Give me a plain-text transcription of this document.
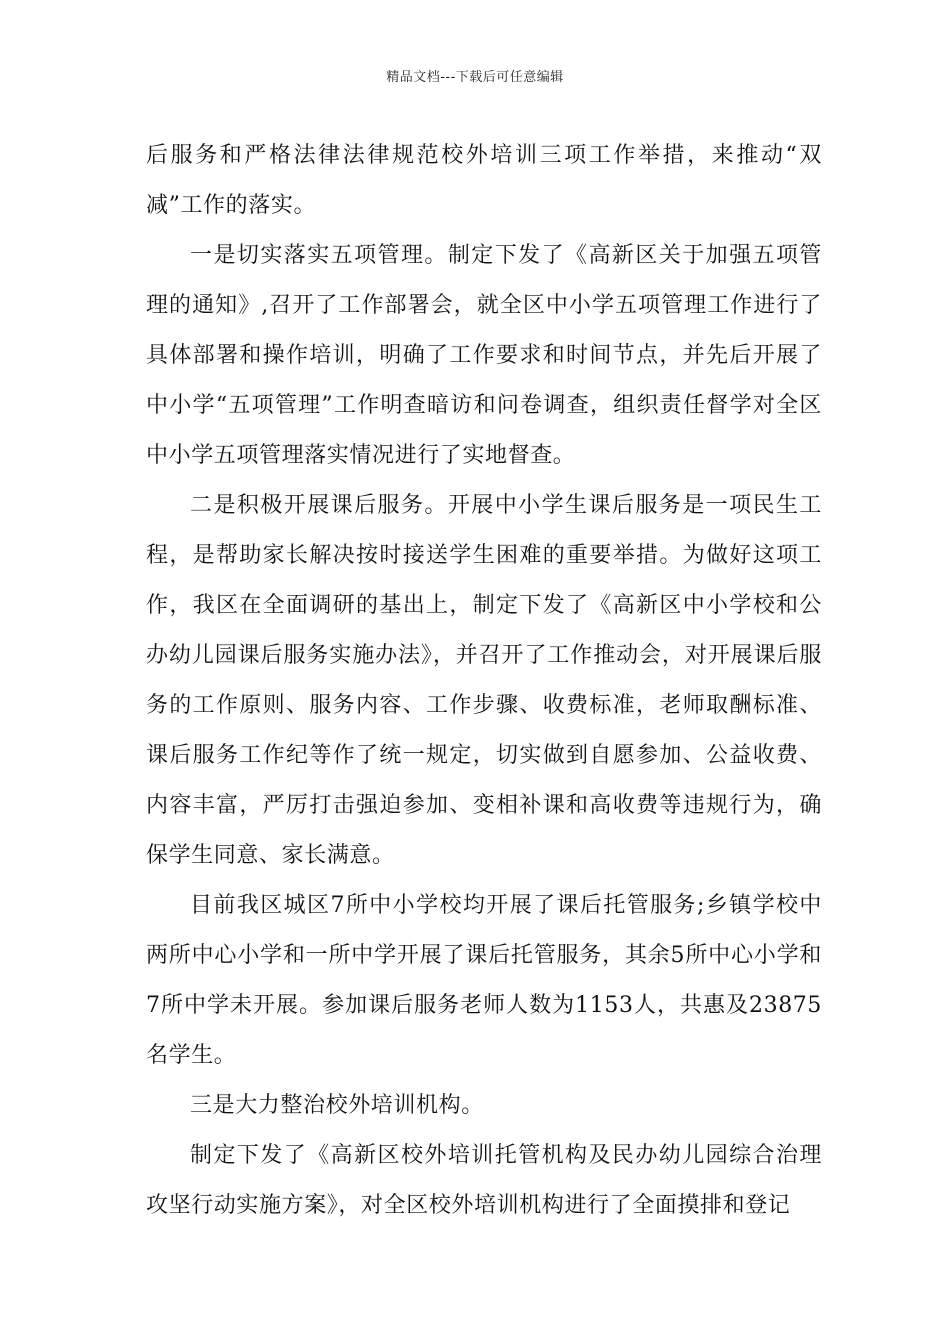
精品文档---下载后可任意编辑

后服务和严格法律法律规范校外培训三项工作举措，来推动“双减”工作的落实。

一是切实落实五项管理。制定下发了《高新区关于加强五项管理的通知》,召开了工作部署会，就全区中小学五项管理工作进行了具体部署和操作培训，明确了工作要求和时间节点，并先后开展了中小学“五项管理”工作明查暗访和问卷调查，组织责任督学对全区中小学五项管理落实情况进行了实地督查。

二是积极开展课后服务。开展中小学生课后服务是一项民生工程，是帮助家长解决按时接送学生困难的重要举措。为做好这项工作，我区在全面调研的基出上，制定下发了《高新区中小学校和公办幼儿园课后服务实施办法》，并召开了工作推动会，对开展课后服务的工作原则、服务内容、工作步骤、收费标准，老师取酬标准、课后服务工作纪等作了统一规定，切实做到自愿参加、公益收费、内容丰富，严厉打击强迫参加、变相补课和高收费等违规行为，确保学生同意、家长满意。

目前我区城区7所中小学校均开展了课后托管服务;乡镇学校中两所中心小学和一所中学开展了课后托管服务，其余5所中心小学和7所中学未开展。参加课后服务老师人数为1153人，共惠及23875名学生。

三是大力整治校外培训机构。

制定下发了《高新区校外培训托管机构及民办幼儿园综合治理攻坚行动实施方案》，对全区校外培训机构进行了全面摸排和登记
